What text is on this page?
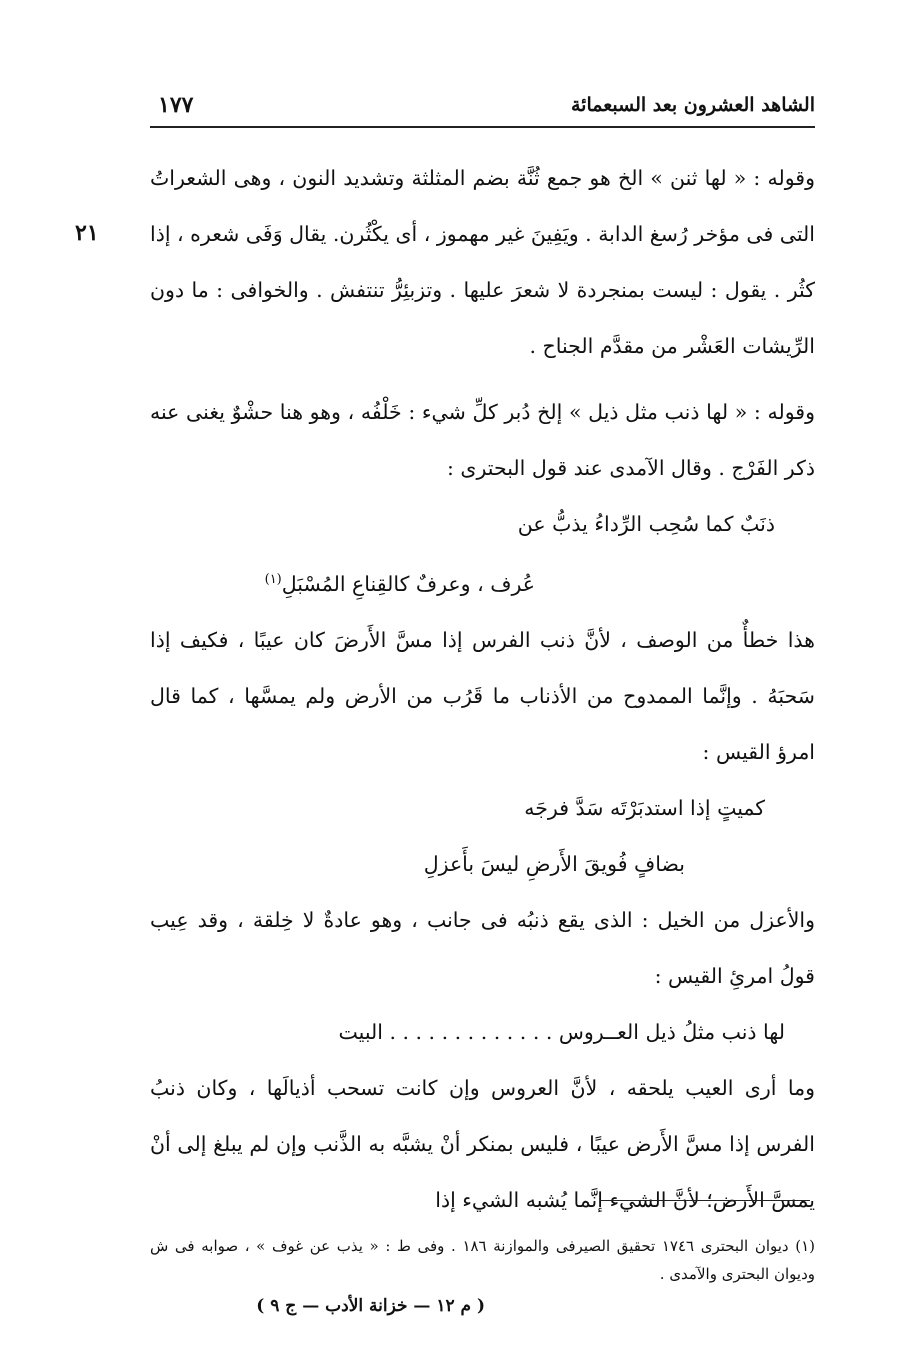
الشاهد العشرون بعد السبعمائة
١٧٧
٢١

وقوله : « لها ثنن » الخ هو جمع ثُنَّة بضم المثلثة وتشديد النون ، وهى الشعراتُ التى فى مؤخر رُسغ الدابة . ويَفِينَ غير مهموز ، أى يكْثُرن. يقال وَفَى شعره ، إذا كثُر . يقول : ليست بمنجردة لا شعرَ عليها . وتزبئِرُّ تنتفش . والخوافى : ما دون الرِّيشات العَشْر من مقدَّم الجناح .

وقوله : « لها ذنب مثل ذيل » إلخ دُبر كلِّ شيء : خَلْفُه ، وهو هنا حشْوٌ يغنى عنه ذكر الفَرْج . وقال الآمدى عند قول البحترى :

ذنَبٌ كما سُحِب الرِّداءُ يذبُّ عن

عُرف ، وعرفٌ كالقِناعِ المُسْبَلِ$^{(١)}$

هذا خطأٌ من الوصف ، لأنَّ ذنب الفرس إذا مسَّ الأَرضَ كان عيبًا ، فكيف إذا سَحبَهُ . وإنَّما الممدوح من الأذناب ما قَرُب من الأرض ولم يمسَّها ، كما قال امرؤ القيس :

كميتٍ إذا استدبَرْتَه سَدَّ فرجَه

بضافٍ فُويقَ الأَرضِ ليسَ بأَعزلِ

والأعزل من الخيل : الذى يقع ذنبُه فى جانب ، وهو عادةٌ لا خِلقة ، وقد عِيب قولُ امرئِ القيس :

لها ذنب مثلُ ذيل العــروس . . . . . . . . . . . . . البيت

وما أرى العيب يلحقه ، لأنَّ العروس وإن كانت تسحب أذيالَها ، وكان ذنبُ الفرس إذا مسَّ الأَرض عيبًا ، فليس بمنكر أنْ يشبَّه به الذَّنب وإن لم يبلغ إلى أنْ يمسَّ الأَرض؛ لأنَّ الشيء إنَّما يُشبه الشيء إذا

(١) ديوان البحترى ١٧٤٦ تحقيق الصيرفى والموازنة ١٨٦ . وفى ط : « يذب عن غوف » ، صوابه فى ش وديوان البحترى والآمدى .
( م ١٢ — خزانة الأدب — ج ٩ )
